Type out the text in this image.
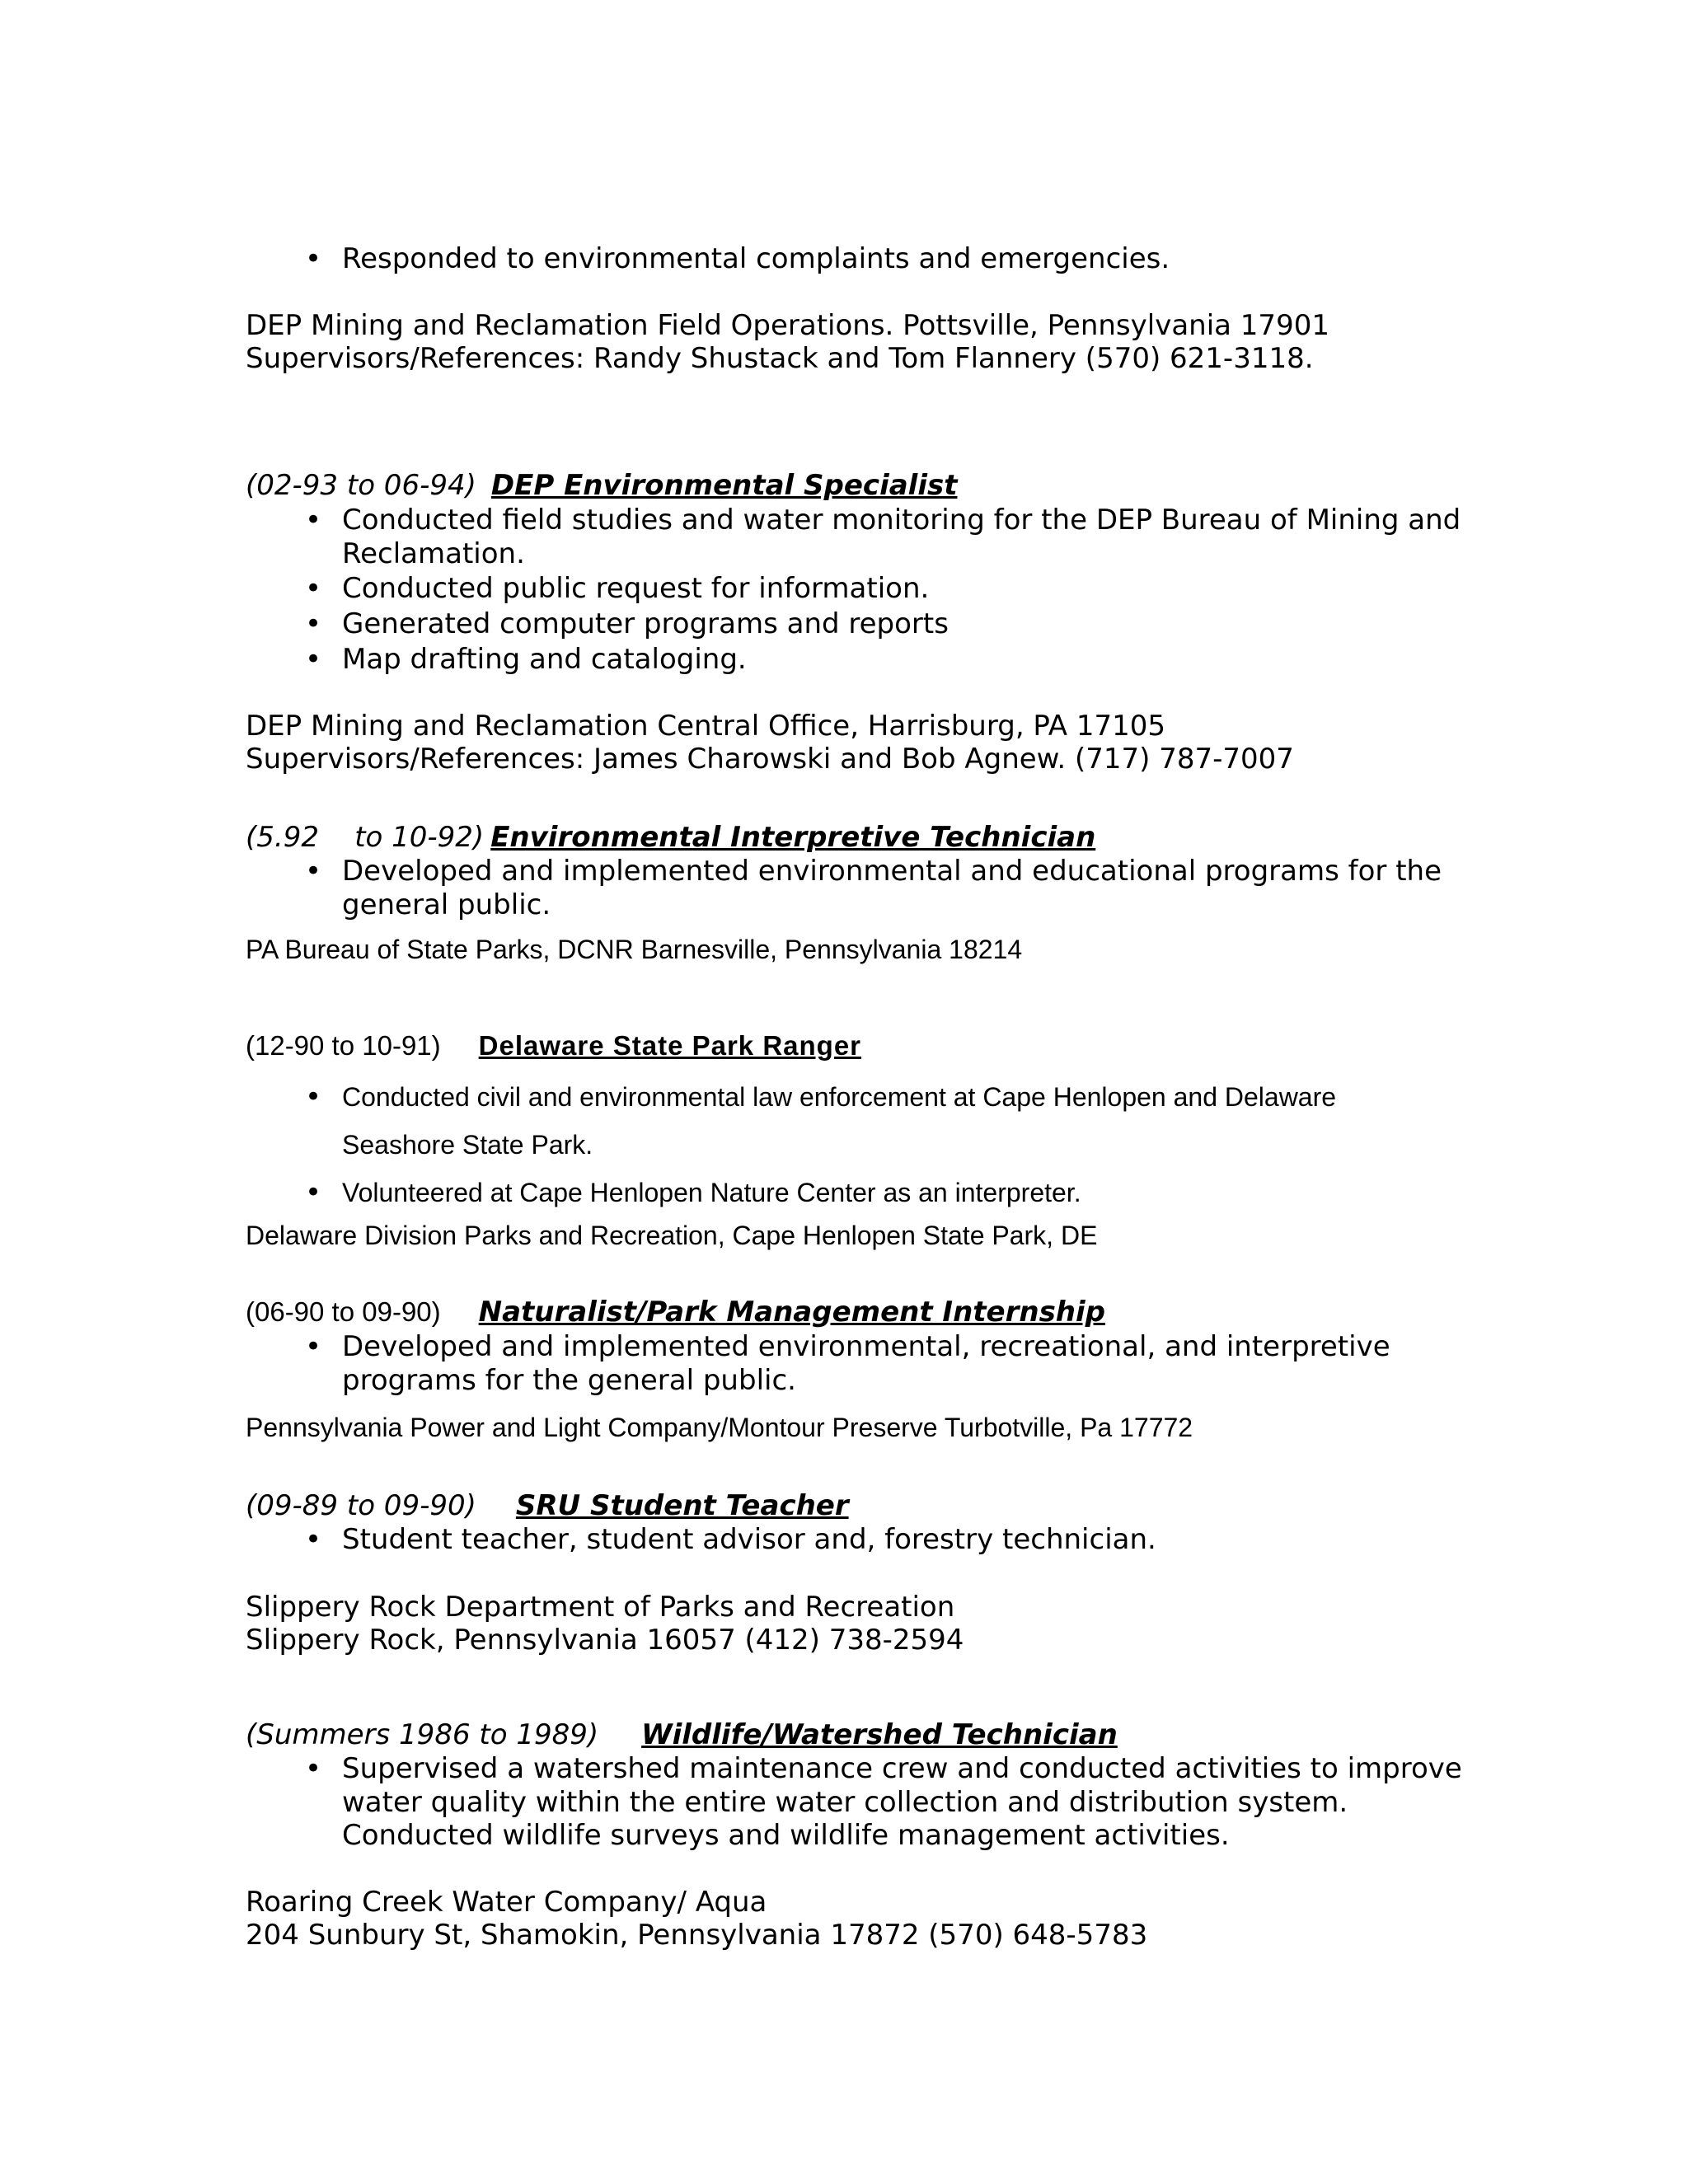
• Responded to environmental complaints and emergencies.
DEP Mining and Reclamation Field Operations. Pottsville, Pennsylvania 17901
Supervisors/References: Randy Shustack and Tom Flannery (570) 621-3118.
(02-93 to 06-94) DEP Environmental Specialist
• Conducted field studies and water monitoring for the DEP Bureau of Mining and
Reclamation.
• Conducted public request for information.
• Generated computer programs and reports
• Map drafting and cataloging.
DEP Mining and Reclamation Central Office, Harrisburg, PA 17105
Supervisors/References: James Charowski and Bob Agnew. (717) 787-7007
(5.92    to 10-92) Environmental Interpretive Technician
• Developed and implemented environmental and educational programs for the
general public.
PA Bureau of State Parks, DCNR Barnesville, Pennsylvania 18214
(12-90 to 10-91) Delaware State Park Ranger
• Conducted civil and environmental law enforcement at Cape Henlopen and Delaware
Seashore State Park.
• Volunteered at Cape Henlopen Nature Center as an interpreter.
Delaware Division Parks and Recreation, Cape Henlopen State Park, DE
(06-90 to 09-90) Naturalist/Park Management Internship
• Developed and implemented environmental, recreational, and interpretive
programs for the general public.
Pennsylvania Power and Light Company/Montour Preserve Turbotville, Pa 17772
(09-89 to 09-90) SRU Student Teacher
• Student teacher, student advisor and, forestry technician.
Slippery Rock Department of Parks and Recreation
Slippery Rock, Pennsylvania 16057 (412) 738-2594
(Summers 1986 to 1989) Wildlife/Watershed Technician
• Supervised a watershed maintenance crew and conducted activities to improve
water quality within the entire water collection and distribution system.
Conducted wildlife surveys and wildlife management activities.
Roaring Creek Water Company/ Aqua
204 Sunbury St, Shamokin, Pennsylvania 17872 (570) 648-5783
